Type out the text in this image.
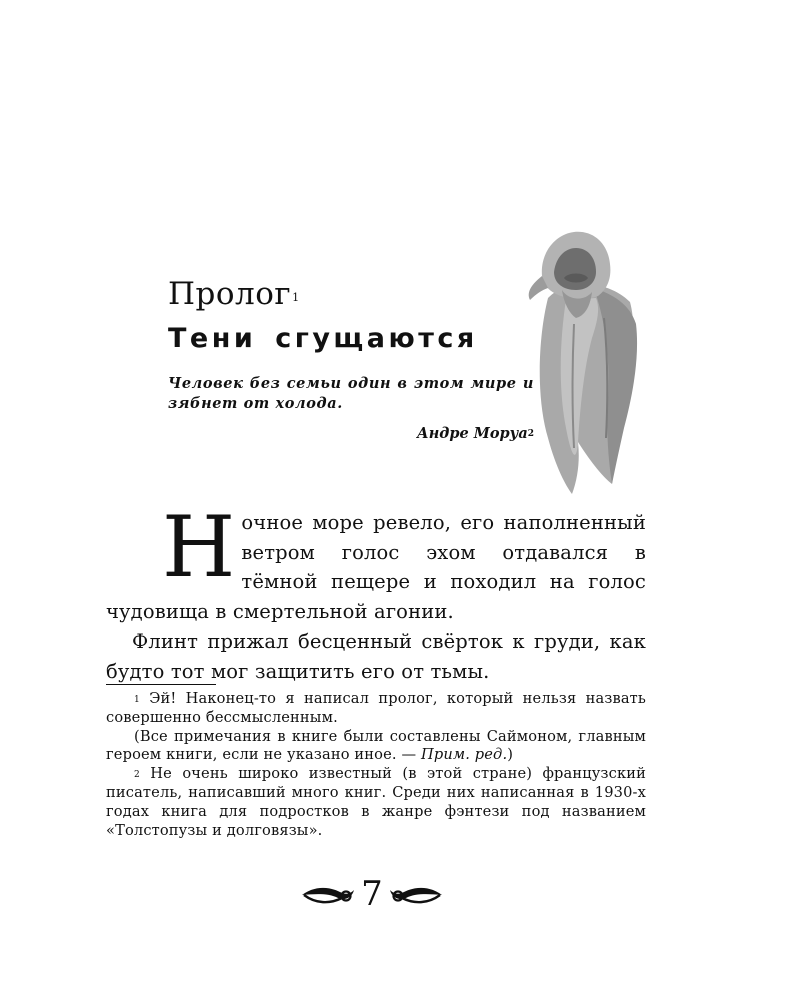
Пролог$^1$
Тени сгущаются
Человек без семьи один в этом мире и зябнет от холода.
Андре Моруа$^2$

Ночное море ревело, его наполненный ветром голос эхом отдавался в тёмной пещере и походил на голос чудовища в смертельной агонии.

Флинт прижал бесценный свёрток к груди, как будто тот мог защитить его от тьмы.

$^1$ Эй! Наконец-то я написал пролог, который нельзя назвать совершенно бессмысленным.

(Все примечания в книге были составлены Саймоном, главным героем книги, если не указано иное. — Прим. ред.)

$^2$ Не очень широко известный (в этой стране) французский писатель, написавший много книг. Среди них написанная в 1930-х годах книга для подростков в жанре фэнтези под названием «Толстопузы и долговязы».

7
